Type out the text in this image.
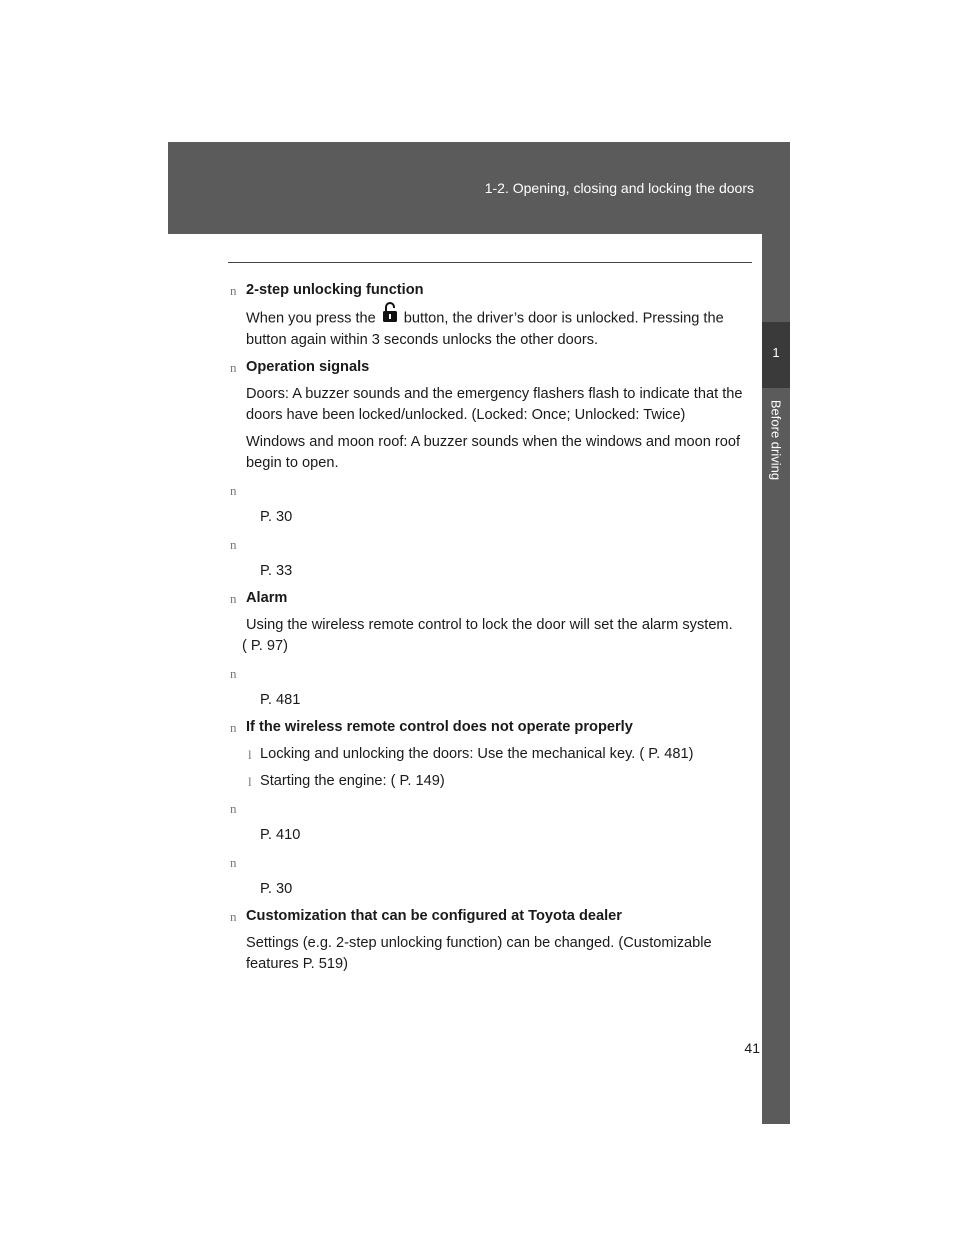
1-2. Opening, closing and locking the doors
1
Before driving
n 2-step unlocking function
When you press the button, the driver’s door is unlocked. Pressing the button again within 3 seconds unlocks the other doors.
n Operation signals
Doors: A buzzer sounds and the emergency flashers flash to indicate that the doors have been locked/unlocked. (Locked: Once; Unlocked: Twice)
Windows and moon roof: A buzzer sounds when the windows and moon roof begin to open.
n
P. 30
n
P. 33
n Alarm
Using the wireless remote control to lock the door will set the alarm system.
( P. 97)
n
P. 481
n If the wireless remote control does not operate properly
l Locking and unlocking the doors: Use the mechanical key. ( P. 481)
l Starting the engine: ( P. 149)
n
P. 410
n
P. 30
n Customization that can be configured at Toyota dealer
Settings (e.g. 2-step unlocking function) can be changed. (Customizable features P. 519)
41
